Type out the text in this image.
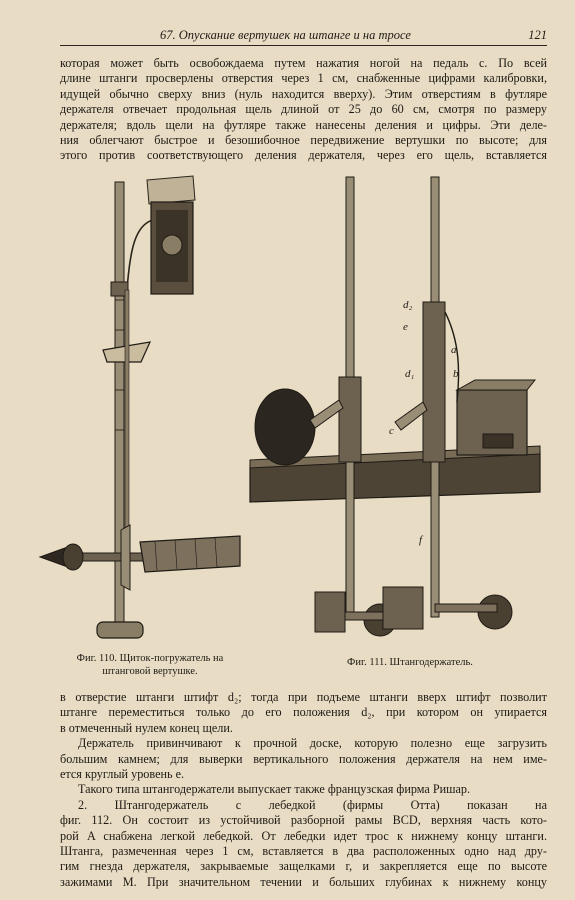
67. Опускание вертушек на штанге и на тросе	121
которая может быть освобождаема путем нажатия ногой на педаль c. По всей
длине штанги просверлены отверстия через 1 см, снабженные цифрами калибровки,
идущей обычно сверху вниз (нуль находится вверху). Этим отверстиям в футляре
держателя отвечает продольная щель длиной от 25 до 60 см, смотря по размеру
держателя; вдоль щели на футляре также нанесены деления и цифры. Эти деле-
ния облегчают быстрое и безошибочное передвижение вертушки по высоте; для
этого против соответствующего деления держателя, через его щель, вставляется
Фиг. 110. Щиток-погружатель на
штанговой вертушке.
d₂
e
a
d₁	b
c
f
Фиг. 111. Штангодержатель.
в отверстие штанги штифт d₂; тогда при подъеме штанги вверх штифт позволит
штанге переместиться только до его положения d₂, при котором он упирается
в отмеченный нулем конец щели.
Держатель привинчивают к прочной доске, которую полезно еще загрузить
большим камнем; для выверки вертикального положения держателя на нем име-
ется круглый уровень e.
Такого типа штангодержатели выпускает также французская фирма Ришар.
2. Штангодержатель с лебедкой (фирмы Отта) показан на
фиг. 112. Он состоит из устойчивой разборной рамы BCD, верхняя часть кото-
рой A снабжена легкой лебедкой. От лебедки идет трос к нижнему концу штанги.
Штанга, размеченная через 1 см, вставляется в два расположенных одно над дру-
гим гнезда держателя, закрываемые защелками r, и закрепляется еще по высоте
зажимами M. При значительном течении и больших глубинах к нижнему концу
